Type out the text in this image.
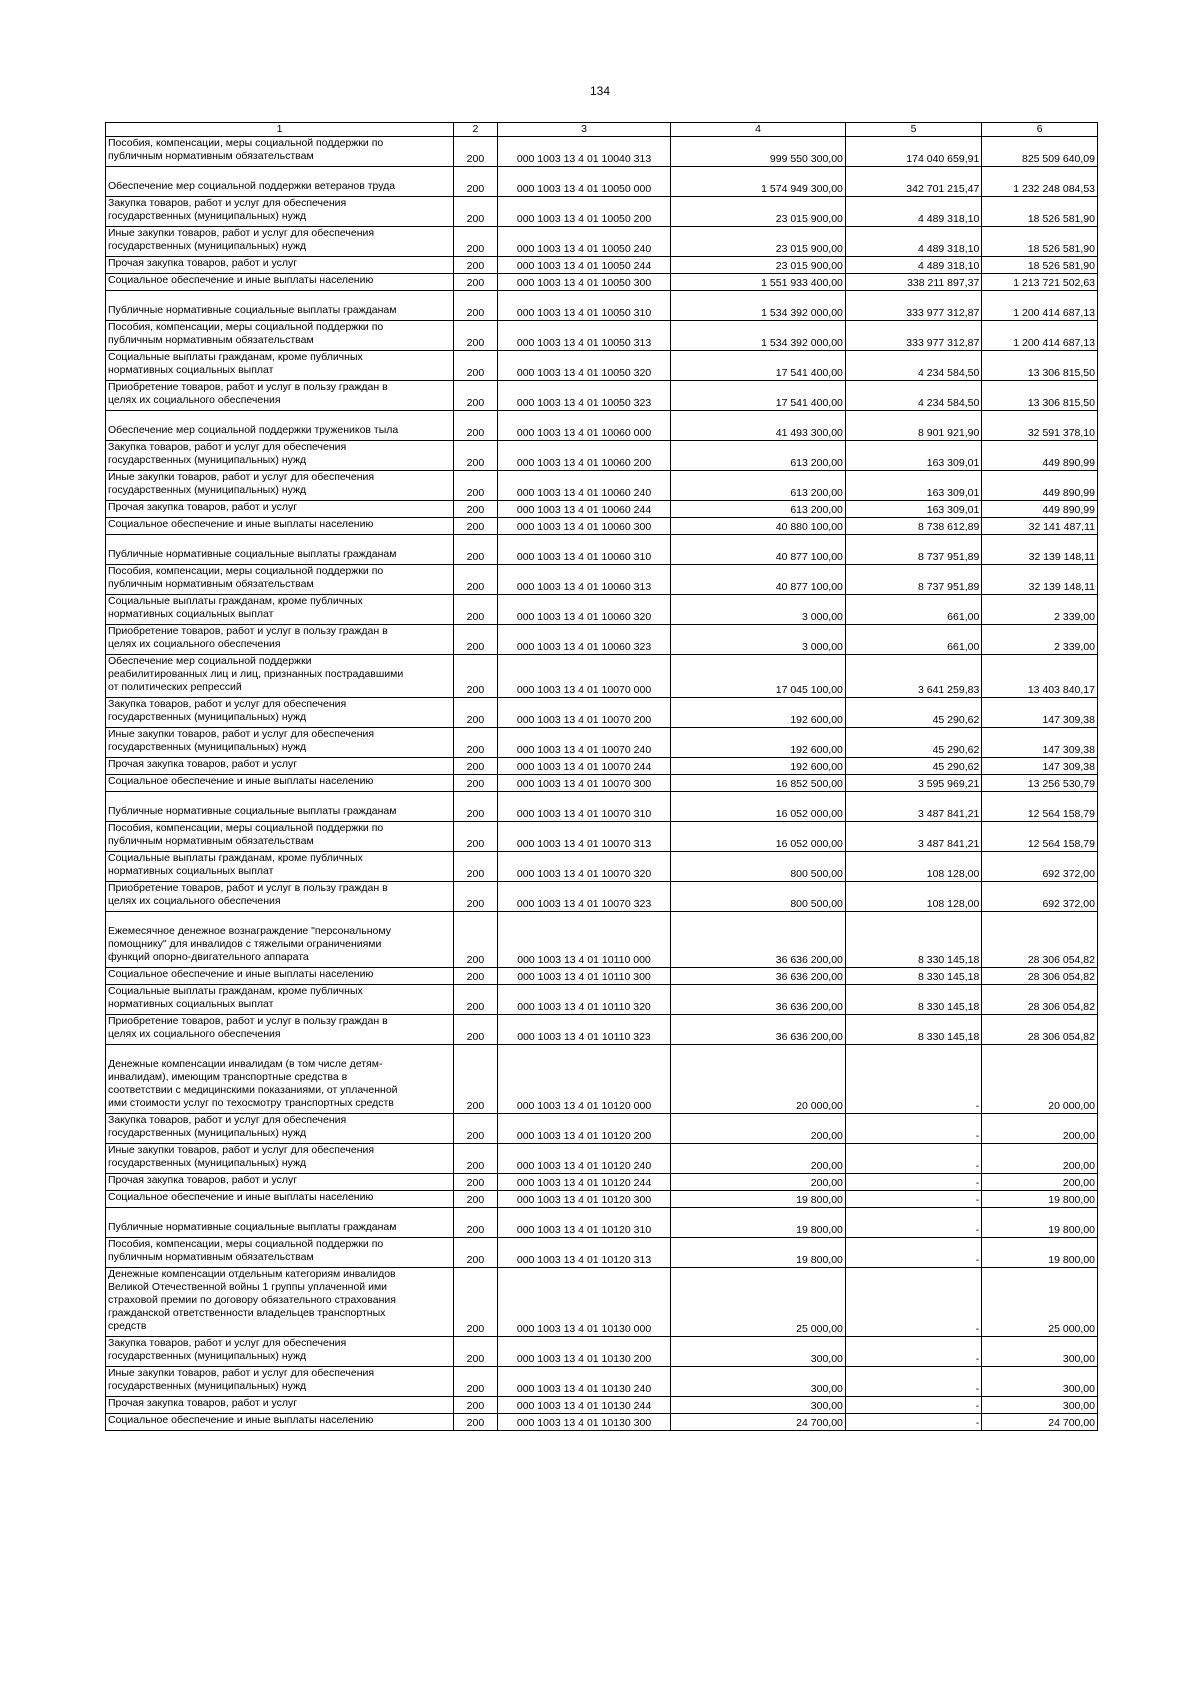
134
1	2	3	4	5	6
Пособия, компенсации, меры социальной поддержки по
публичным нормативным обязательствам	200	000 1003 13 4 01 10040 313	999 550 300,00	174 040 659,91	825 509 640,09

Обеспечение мер социальной поддержки ветеранов труда	200	000 1003 13 4 01 10050 000	1 574 949 300,00	342 701 215,47	1 232 248 084,53
Закупка товаров, работ и услуг для обеспечения
государственных (муниципальных) нужд	200	000 1003 13 4 01 10050 200	23 015 900,00	4 489 318,10	18 526 581,90
Иные закупки товаров, работ и услуг для обеспечения
государственных (муниципальных) нужд	200	000 1003 13 4 01 10050 240	23 015 900,00	4 489 318,10	18 526 581,90
Прочая закупка товаров, работ и услуг	200	000 1003 13 4 01 10050 244	23 015 900,00	4 489 318,10	18 526 581,90
Социальное обеспечение и иные выплаты населению	200	000 1003 13 4 01 10050 300	1 551 933 400,00	338 211 897,37	1 213 721 502,63

Публичные нормативные социальные выплаты гражданам	200	000 1003 13 4 01 10050 310	1 534 392 000,00	333 977 312,87	1 200 414 687,13
Пособия, компенсации, меры социальной поддержки по
публичным нормативным обязательствам	200	000 1003 13 4 01 10050 313	1 534 392 000,00	333 977 312,87	1 200 414 687,13
Социальные выплаты гражданам, кроме публичных
нормативных социальных выплат	200	000 1003 13 4 01 10050 320	17 541 400,00	4 234 584,50	13 306 815,50
Приобретение товаров, работ и услуг в пользу граждан в
целях их социального обеспечения	200	000 1003 13 4 01 10050 323	17 541 400,00	4 234 584,50	13 306 815,50

Обеспечение мер социальной поддержки тружеников тыла	200	000 1003 13 4 01 10060 000	41 493 300,00	8 901 921,90	32 591 378,10
Закупка товаров, работ и услуг для обеспечения
государственных (муниципальных) нужд	200	000 1003 13 4 01 10060 200	613 200,00	163 309,01	449 890,99
Иные закупки товаров, работ и услуг для обеспечения
государственных (муниципальных) нужд	200	000 1003 13 4 01 10060 240	613 200,00	163 309,01	449 890,99
Прочая закупка товаров, работ и услуг	200	000 1003 13 4 01 10060 244	613 200,00	163 309,01	449 890,99
Социальное обеспечение и иные выплаты населению	200	000 1003 13 4 01 10060 300	40 880 100,00	8 738 612,89	32 141 487,11

Публичные нормативные социальные выплаты гражданам	200	000 1003 13 4 01 10060 310	40 877 100,00	8 737 951,89	32 139 148,11
Пособия, компенсации, меры социальной поддержки по
публичным нормативным обязательствам	200	000 1003 13 4 01 10060 313	40 877 100,00	8 737 951,89	32 139 148,11
Социальные выплаты гражданам, кроме публичных
нормативных социальных выплат	200	000 1003 13 4 01 10060 320	3 000,00	661,00	2 339,00
Приобретение товаров, работ и услуг в пользу граждан в
целях их социального обеспечения	200	000 1003 13 4 01 10060 323	3 000,00	661,00	2 339,00
Обеспечение мер социальной поддержки
реабилитированных лиц и лиц, признанных пострадавшими
от политических репрессий	200	000 1003 13 4 01 10070 000	17 045 100,00	3 641 259,83	13 403 840,17
Закупка товаров, работ и услуг для обеспечения
государственных (муниципальных) нужд	200	000 1003 13 4 01 10070 200	192 600,00	45 290,62	147 309,38
Иные закупки товаров, работ и услуг для обеспечения
государственных (муниципальных) нужд	200	000 1003 13 4 01 10070 240	192 600,00	45 290,62	147 309,38
Прочая закупка товаров, работ и услуг	200	000 1003 13 4 01 10070 244	192 600,00	45 290,62	147 309,38
Социальное обеспечение и иные выплаты населению	200	000 1003 13 4 01 10070 300	16 852 500,00	3 595 969,21	13 256 530,79

Публичные нормативные социальные выплаты гражданам	200	000 1003 13 4 01 10070 310	16 052 000,00	3 487 841,21	12 564 158,79
Пособия, компенсации, меры социальной поддержки по
публичным нормативным обязательствам	200	000 1003 13 4 01 10070 313	16 052 000,00	3 487 841,21	12 564 158,79
Социальные выплаты гражданам, кроме публичных
нормативных социальных выплат	200	000 1003 13 4 01 10070 320	800 500,00	108 128,00	692 372,00
Приобретение товаров, работ и услуг в пользу граждан в
целях их социального обеспечения	200	000 1003 13 4 01 10070 323	800 500,00	108 128,00	692 372,00

Ежемесячное денежное вознаграждение "персональному
помощнику" для инвалидов с тяжелыми ограничениями
функций опорно-двигательного аппарата	200	000 1003 13 4 01 10110 000	36 636 200,00	8 330 145,18	28 306 054,82
Социальное обеспечение и иные выплаты населению	200	000 1003 13 4 01 10110 300	36 636 200,00	8 330 145,18	28 306 054,82
Социальные выплаты гражданам, кроме публичных
нормативных социальных выплат	200	000 1003 13 4 01 10110 320	36 636 200,00	8 330 145,18	28 306 054,82
Приобретение товаров, работ и услуг в пользу граждан в
целях их социального обеспечения	200	000 1003 13 4 01 10110 323	36 636 200,00	8 330 145,18	28 306 054,82

Денежные компенсации инвалидам (в том числе детям-
инвалидам), имеющим транспортные средства в
соответствии с медицинскими показаниями, от уплаченной
ими стоимости услуг по техосмотру транспортных средств	200	000 1003 13 4 01 10120 000	20 000,00	-	20 000,00
Закупка товаров, работ и услуг для обеспечения
государственных (муниципальных) нужд	200	000 1003 13 4 01 10120 200	200,00	-	200,00
Иные закупки товаров, работ и услуг для обеспечения
государственных (муниципальных) нужд	200	000 1003 13 4 01 10120 240	200,00	-	200,00
Прочая закупка товаров, работ и услуг	200	000 1003 13 4 01 10120 244	200,00	-	200,00
Социальное обеспечение и иные выплаты населению	200	000 1003 13 4 01 10120 300	19 800,00	-	19 800,00

Публичные нормативные социальные выплаты гражданам	200	000 1003 13 4 01 10120 310	19 800,00	-	19 800,00
Пособия, компенсации, меры социальной поддержки по
публичным нормативным обязательствам	200	000 1003 13 4 01 10120 313	19 800,00	-	19 800,00
Денежные компенсации отдельным категориям инвалидов
Великой Отечественной войны 1 группы уплаченной ими
страховой премии по договору обязательного страхования
гражданской ответственности владельцев транспортных
средств	200	000 1003 13 4 01 10130 000	25 000,00	-	25 000,00
Закупка товаров, работ и услуг для обеспечения
государственных (муниципальных) нужд	200	000 1003 13 4 01 10130 200	300,00	-	300,00
Иные закупки товаров, работ и услуг для обеспечения
государственных (муниципальных) нужд	200	000 1003 13 4 01 10130 240	300,00	-	300,00
Прочая закупка товаров, работ и услуг	200	000 1003 13 4 01 10130 244	300,00	-	300,00
Социальное обеспечение и иные выплаты населению	200	000 1003 13 4 01 10130 300	24 700,00	-	24 700,00
